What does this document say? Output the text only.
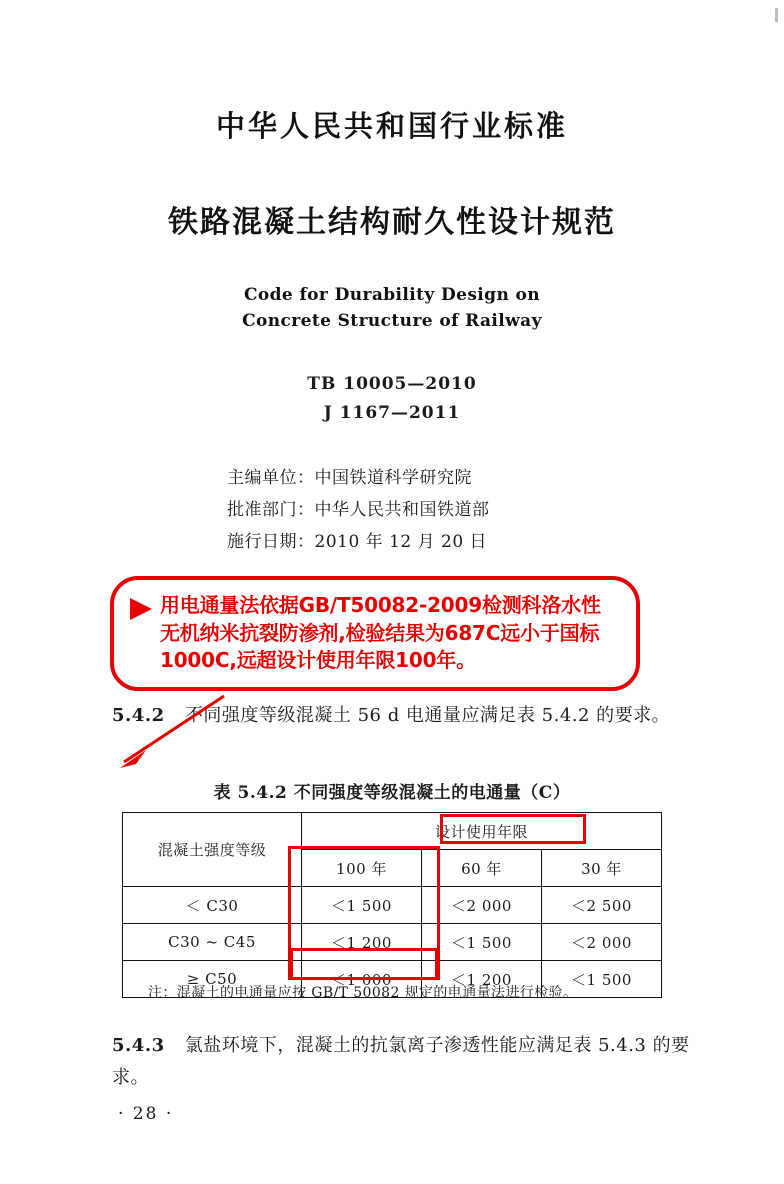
中华人民共和国行业标准
铁路混凝土结构耐久性设计规范
Code for Durability Design on
Concrete Structure of Railway
TB 10005—2010
J 1167—2011
主编单位：中国铁道科学研究院
批准部门：中华人民共和国铁道部
施行日期：2010 年 12 月 20 日
用电通量法依据GB/T50082-2009检测科洛水性无机纳米抗裂防渗剂,检验结果为687C远小于国标1000C,远超设计使用年限100年。
5.4.2 不同强度等级混凝土 56 d 电通量应满足表 5.4.2 的要求。
表 5.4.2 不同强度等级混凝土的电通量（C）
混凝土强度等级	设计使用年限		
	100 年	60 年	30 年
＜ C30	＜1 500	＜2 000	＜2 500
C30 ~ C45	＜1 200	＜1 500	＜2 000
≥ C50	＜1 000	＜1 200	＜1 500
注：混凝土的电通量应按 GB/T 50082 规定的电通量法进行检验。
5.4.3 氯盐环境下，混凝土的抗氯离子渗透性能应满足表 5.4.3 的要求。
· 28 ·
